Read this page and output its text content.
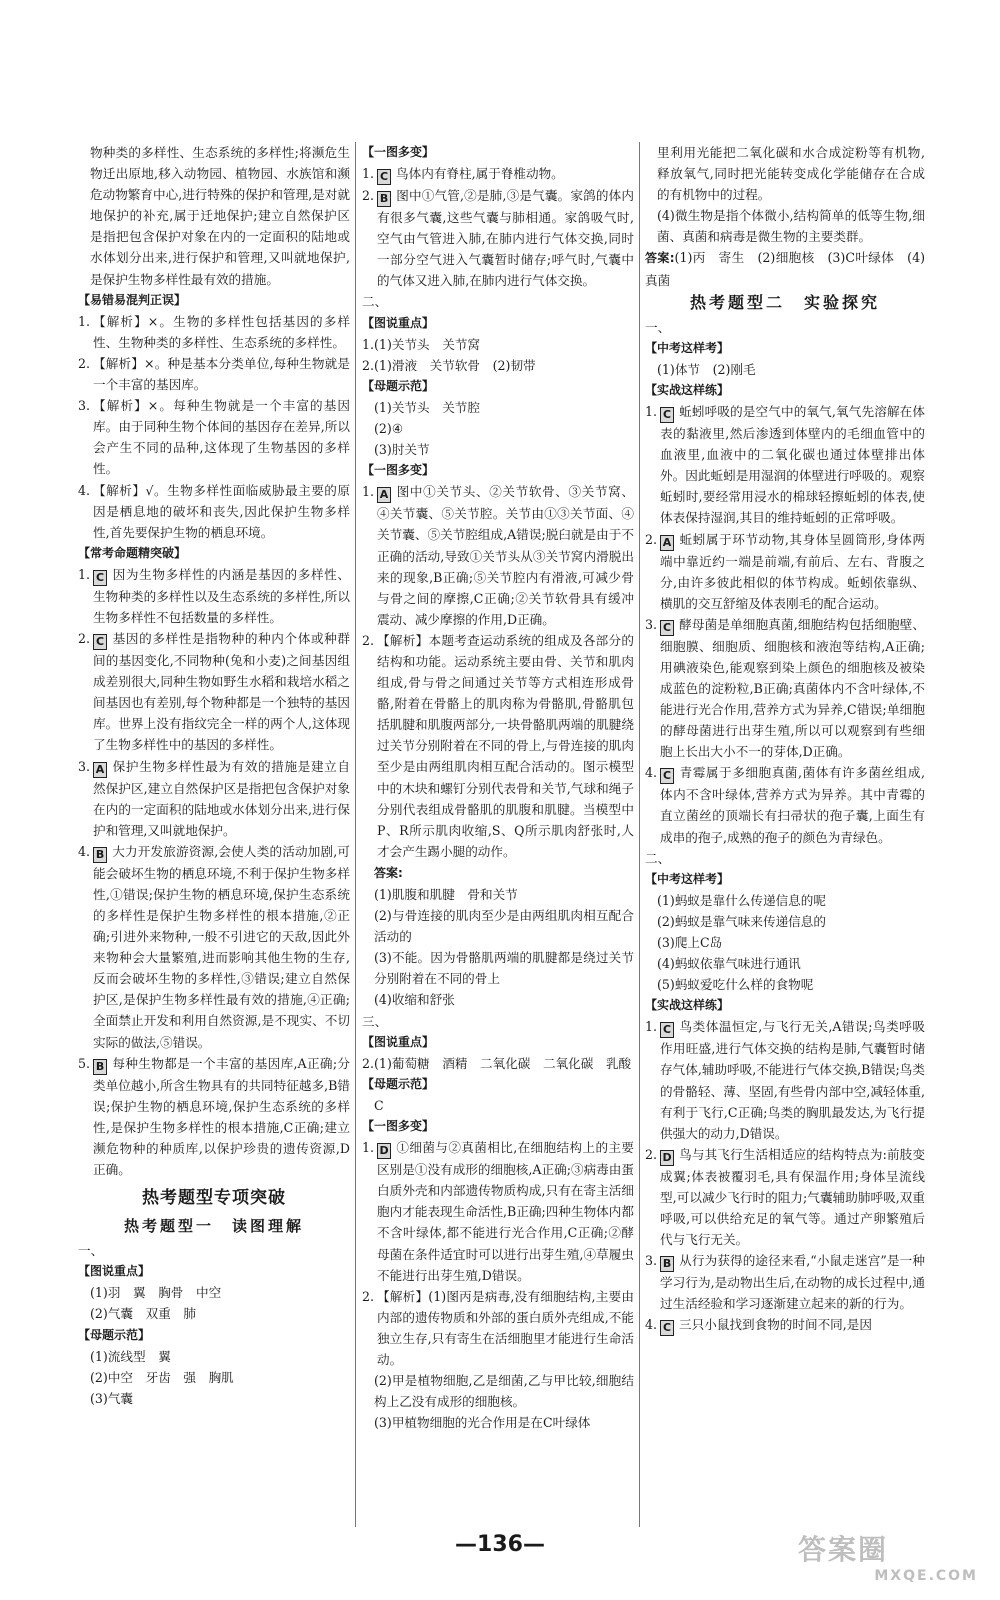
物种类的多样性、生态系统的多样性;将濒危生物迁出原地,移入动物园、植物园、水族馆和濒危动物繁育中心,进行特殊的保护和管理,是对就地保护的补充,属于迁地保护;建立自然保护区是指把包含保护对象在内的一定面积的陆地或水体划分出来,进行保护和管理,又叫就地保护,是保护生物多样性最有效的措施。

【易错易混判正误】

1. 【解析】×。生物的多样性包括基因的多样性、生物种类的多样性、生态系统的多样性。
2. 【解析】×。种是基本分类单位,每种生物就是一个丰富的基因库。
3. 【解析】×。每种生物就是一个丰富的基因库。由于同种生物个体间的基因存在差异,所以会产生不同的品种,这体现了生物基因的多样性。
4. 【解析】√。生物多样性面临威胁最主要的原因是栖息地的破坏和丧失,因此保护生物多样性,首先要保护生物的栖息环境。

【常考命题精突破】

1. C 因为生物多样性的内涵是基因的多样性、生物种类的多样性以及生态系统的多样性,所以生物多样性不包括数量的多样性。
2. C 基因的多样性是指物种的种内个体或种群间的基因变化,不同物种(兔和小麦)之间基因组成差别很大,同种生物如野生水稻和栽培水稻之间基因也有差别,每个物种都是一个独特的基因库。世界上没有指纹完全一样的两个人,这体现了生物多样性中的基因的多样性。
3. A 保护生物多样性最为有效的措施是建立自然保护区,建立自然保护区是指把包含保护对象在内的一定面积的陆地或水体划分出来,进行保护和管理,又叫就地保护。
4. B 大力开发旅游资源,会使人类的活动加剧,可能会破坏生物的栖息环境,不利于保护生物多样性,①错误;保护生物的栖息环境,保护生态系统的多样性是保护生物多样性的根本措施,②正确;引进外来物种,一般不引进它的天敌,因此外来物种会大量繁殖,进而影响其他生物的生存,反而会破坏生物的多样性,③错误;建立自然保护区,是保护生物多样性最有效的措施,④正确;全面禁止开发和利用自然资源,是不现实、不切实际的做法,⑤错误。
5. B 每种生物都是一个丰富的基因库,A正确;分类单位越小,所含生物具有的共同特征越多,B错误;保护生物的栖息环境,保护生态系统的多样性,是保护生物多样性的根本措施,C正确;建立濒危物种的种质库,以保护珍贵的遗传资源,D正确。
热考题型专项突破
热考题型一　读图理解

一、

【图说重点】

(1)羽　翼　胸骨　中空

(2)气囊　双重　肺

【母题示范】

(1)流线型　翼

(2)中空　牙齿　强　胸肌

(3)气囊

【一图多变】

1. C 鸟体内有脊柱,属于脊椎动物。
2. B 图中①气管,②是肺,③是气囊。家鸽的体内有很多气囊,这些气囊与肺相通。家鸽吸气时,空气由气管进入肺,在肺内进行气体交换,同时一部分空气进入气囊暂时储存;呼气时,气囊中的气体又进入肺,在肺内进行气体交换。

二、

【图说重点】

1.(1)关节头　关节窝

2.(1)滑液　关节软骨　(2)韧带

【母题示范】

(1)关节头　关节腔

(2)④

(3)肘关节

【一图多变】

1. A 图中①关节头、②关节软骨、③关节窝、④关节囊、⑤关节腔。关节由①③关节面、④关节囊、⑤关节腔组成,A错误;脱臼就是由于不正确的活动,导致①关节头从③关节窝内滑脱出来的现象,B正确;⑤关节腔内有滑液,可减少骨与骨之间的摩擦,C正确;②关节软骨具有缓冲震动、减少摩擦的作用,D正确。
2. 【解析】本题考查运动系统的组成及各部分的结构和功能。运动系统主要由骨、关节和肌肉组成,骨与骨之间通过关节等方式相连形成骨骼,附着在骨骼上的肌肉称为骨骼肌,骨骼肌包括肌腱和肌腹两部分,一块骨骼肌两端的肌腱绕过关节分别附着在不同的骨上,与骨连接的肌肉至少是由两组肌肉相互配合活动的。图示模型中的木块和螺钉分别代表骨和关节,气球和绳子分别代表组成骨骼肌的肌腹和肌腱。当模型中P、R所示肌肉收缩,S、Q所示肌肉舒张时,人才会产生踢小腿的动作。

答案:

(1)肌腹和肌腱　骨和关节

(2)与骨连接的肌肉至少是由两组肌肉相互配合活动的

(3)不能。因为骨骼肌两端的肌腱都是绕过关节分别附着在不同的骨上

(4)收缩和舒张

三、

【图说重点】

2.(1)葡萄糖　酒精　二氧化碳　二氧化碳　乳酸

【母题示范】

C

【一图多变】

1. D ①细菌与②真菌相比,在细胞结构上的主要区别是①没有成形的细胞核,A正确;③病毒由蛋白质外壳和内部遗传物质构成,只有在寄主活细胞内才能表现生命活性,B正确;四种生物体内都不含叶绿体,都不能进行光合作用,C正确;②酵母菌在条件适宜时可以进行出芽生殖,④草履虫不能进行出芽生殖,D错误。
2. 【解析】(1)图丙是病毒,没有细胞结构,主要由内部的遗传物质和外部的蛋白质外壳组成,不能独立生存,只有寄生在活细胞里才能进行生命活动。

(2)甲是植物细胞,乙是细菌,乙与甲比较,细胞结构上乙没有成形的细胞核。

(3)甲植物细胞的光合作用是在C叶绿体

里利用光能把二氧化碳和水合成淀粉等有机物,释放氧气,同时把光能转变成化学能储存在合成的有机物中的过程。

(4)微生物是指个体微小,结构简单的低等生物,细菌、真菌和病毒是微生物的主要类群。

答案:(1)丙　寄生　(2)细胞核　(3)C叶绿体　(4)真菌

热考题型二　实验探究

一、

【中考这样考】

(1)体节　(2)刚毛

【实战这样练】

1. C 蚯蚓呼吸的是空气中的氧气,氧气先溶解在体表的黏液里,然后渗透到体壁内的毛细血管中的血液里,血液中的二氧化碳也通过体壁排出体外。因此蚯蚓是用湿润的体壁进行呼吸的。观察蚯蚓时,要经常用浸水的棉球轻擦蚯蚓的体表,使体表保持湿润,其目的维持蚯蚓的正常呼吸。
2. A 蚯蚓属于环节动物,其身体呈圆筒形,身体两端中靠近约一端是前端,有前后、左右、背腹之分,由许多彼此相似的体节构成。蚯蚓依靠纵、横肌的交互舒缩及体表刚毛的配合运动。
3. C 酵母菌是单细胞真菌,细胞结构包括细胞壁、细胞膜、细胞质、细胞核和液泡等结构,A正确;用碘液染色,能观察到染上颜色的细胞核及被染成蓝色的淀粉粒,B正确;真菌体内不含叶绿体,不能进行光合作用,营养方式为异养,C错误;单细胞的酵母菌进行出芽生殖,所以可以观察到有些细胞上长出大小不一的芽体,D正确。
4. C 青霉属于多细胞真菌,菌体有许多菌丝组成,体内不含叶绿体,营养方式为异养。其中青霉的直立菌丝的顶端长有扫帚状的孢子囊,上面生有成串的孢子,成熟的孢子的颜色为青绿色。

二、

【中考这样考】

(1)蚂蚁是靠什么传递信息的呢

(2)蚂蚁是靠气味来传递信息的

(3)爬上C岛

(4)蚂蚁依靠气味进行通讯

(5)蚂蚁爱吃什么样的食物呢

【实战这样练】

1. C 鸟类体温恒定,与飞行无关,A错误;鸟类呼吸作用旺盛,进行气体交换的结构是肺,气囊暂时储存气体,辅助呼吸,不能进行气体交换,B错误;鸟类的骨骼轻、薄、坚固,有些骨内部中空,减轻体重,有利于飞行,C正确;鸟类的胸肌最发达,为飞行提供强大的动力,D错误。
2. D 鸟与其飞行生活相适应的结构特点为:前肢变成翼;体表被覆羽毛,具有保温作用;身体呈流线型,可以减少飞行时的阻力;气囊辅助肺呼吸,双重呼吸,可以供给充足的氧气等。通过产卵繁殖后代与飞行无关。
3. B 从行为获得的途径来看,“小鼠走迷宫”是一种学习行为,是动物出生后,在动物的成长过程中,通过生活经验和学习逐渐建立起来的新的行为。
4. C 三只小鼠找到食物的时间不同,是因
—136—	答案圈
MXQE.COM
